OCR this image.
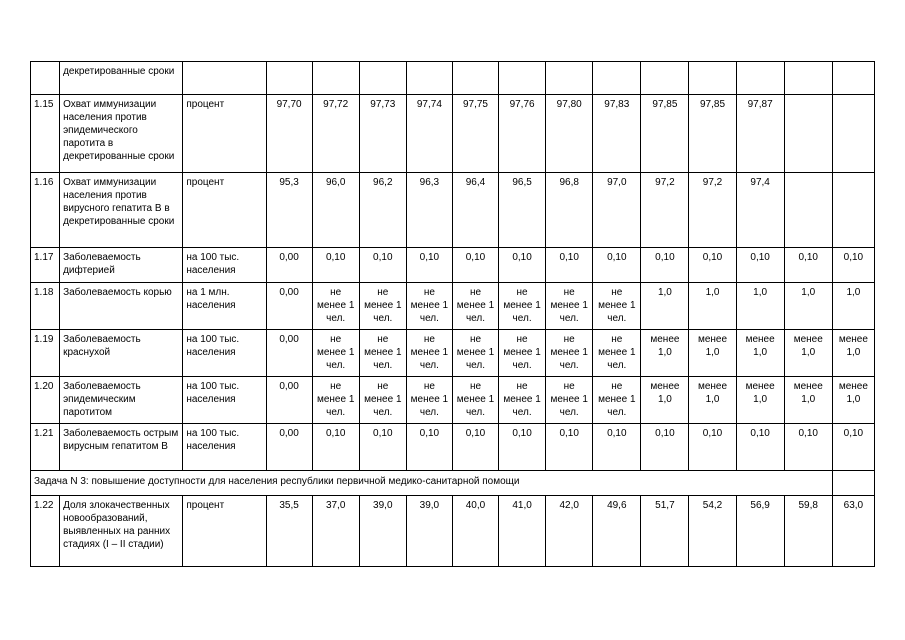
	декретированные сроки														
1.15	Охват иммунизации населения против эпидемического паротита в декретированные сроки	процент	97,70	97,72	97,73	97,74	97,75	97,76	97,80	97,83	97,85	97,85	97,87		
1.16	Охват иммунизации населения против вирусного гепатита В в декретированные сроки	процент	95,3	96,0	96,2	96,3	96,4	96,5	96,8	97,0	97,2	97,2	97,4		
1.17	Заболеваемость дифтерией	на 100 тыс. населения	0,00	0,10	0,10	0,10	0,10	0,10	0,10	0,10	0,10	0,10	0,10	0,10	0,10
1.18	Заболеваемость корью	на 1 млн. населения	0,00	не менее 1 чел.	не менее 1 чел.	не менее 1 чел.	не менее 1 чел.	не менее 1 чел.	не менее 1 чел.	не менее 1 чел.	1,0	1,0	1,0	1,0	1,0
1.19	Заболеваемость краснухой	на 100 тыс. населения	0,00	не менее 1 чел.	не менее 1 чел.	не менее 1 чел.	не менее 1 чел.	не менее 1 чел.	не менее 1 чел.	не менее 1 чел.	менее 1,0	менее 1,0	менее 1,0	менее 1,0	менее 1,0
1.20	Заболеваемость эпидемическим паротитом	на 100 тыс. населения	0,00	не менее 1 чел.	не менее 1 чел.	не менее 1 чел.	не менее 1 чел.	не менее 1 чел.	не менее 1 чел.	не менее 1 чел.	менее 1,0	менее 1,0	менее 1,0	менее 1,0	менее 1,0
1.21	Заболеваемость острым вирусным гепатитом В	на 100 тыс. населения	0,00	0,10	0,10	0,10	0,10	0,10	0,10	0,10	0,10	0,10	0,10	0,10	0,10
Задача N 3: повышение доступности для населения республики первичной медико-санитарной помощи															
1.22	Доля злокачественных новообразований, выявленных на ранних стадиях (I – II стадии)	процент	35,5	37,0	39,0	39,0	40,0	41,0	42,0	49,6	51,7	54,2	56,9	59,8	63,0
